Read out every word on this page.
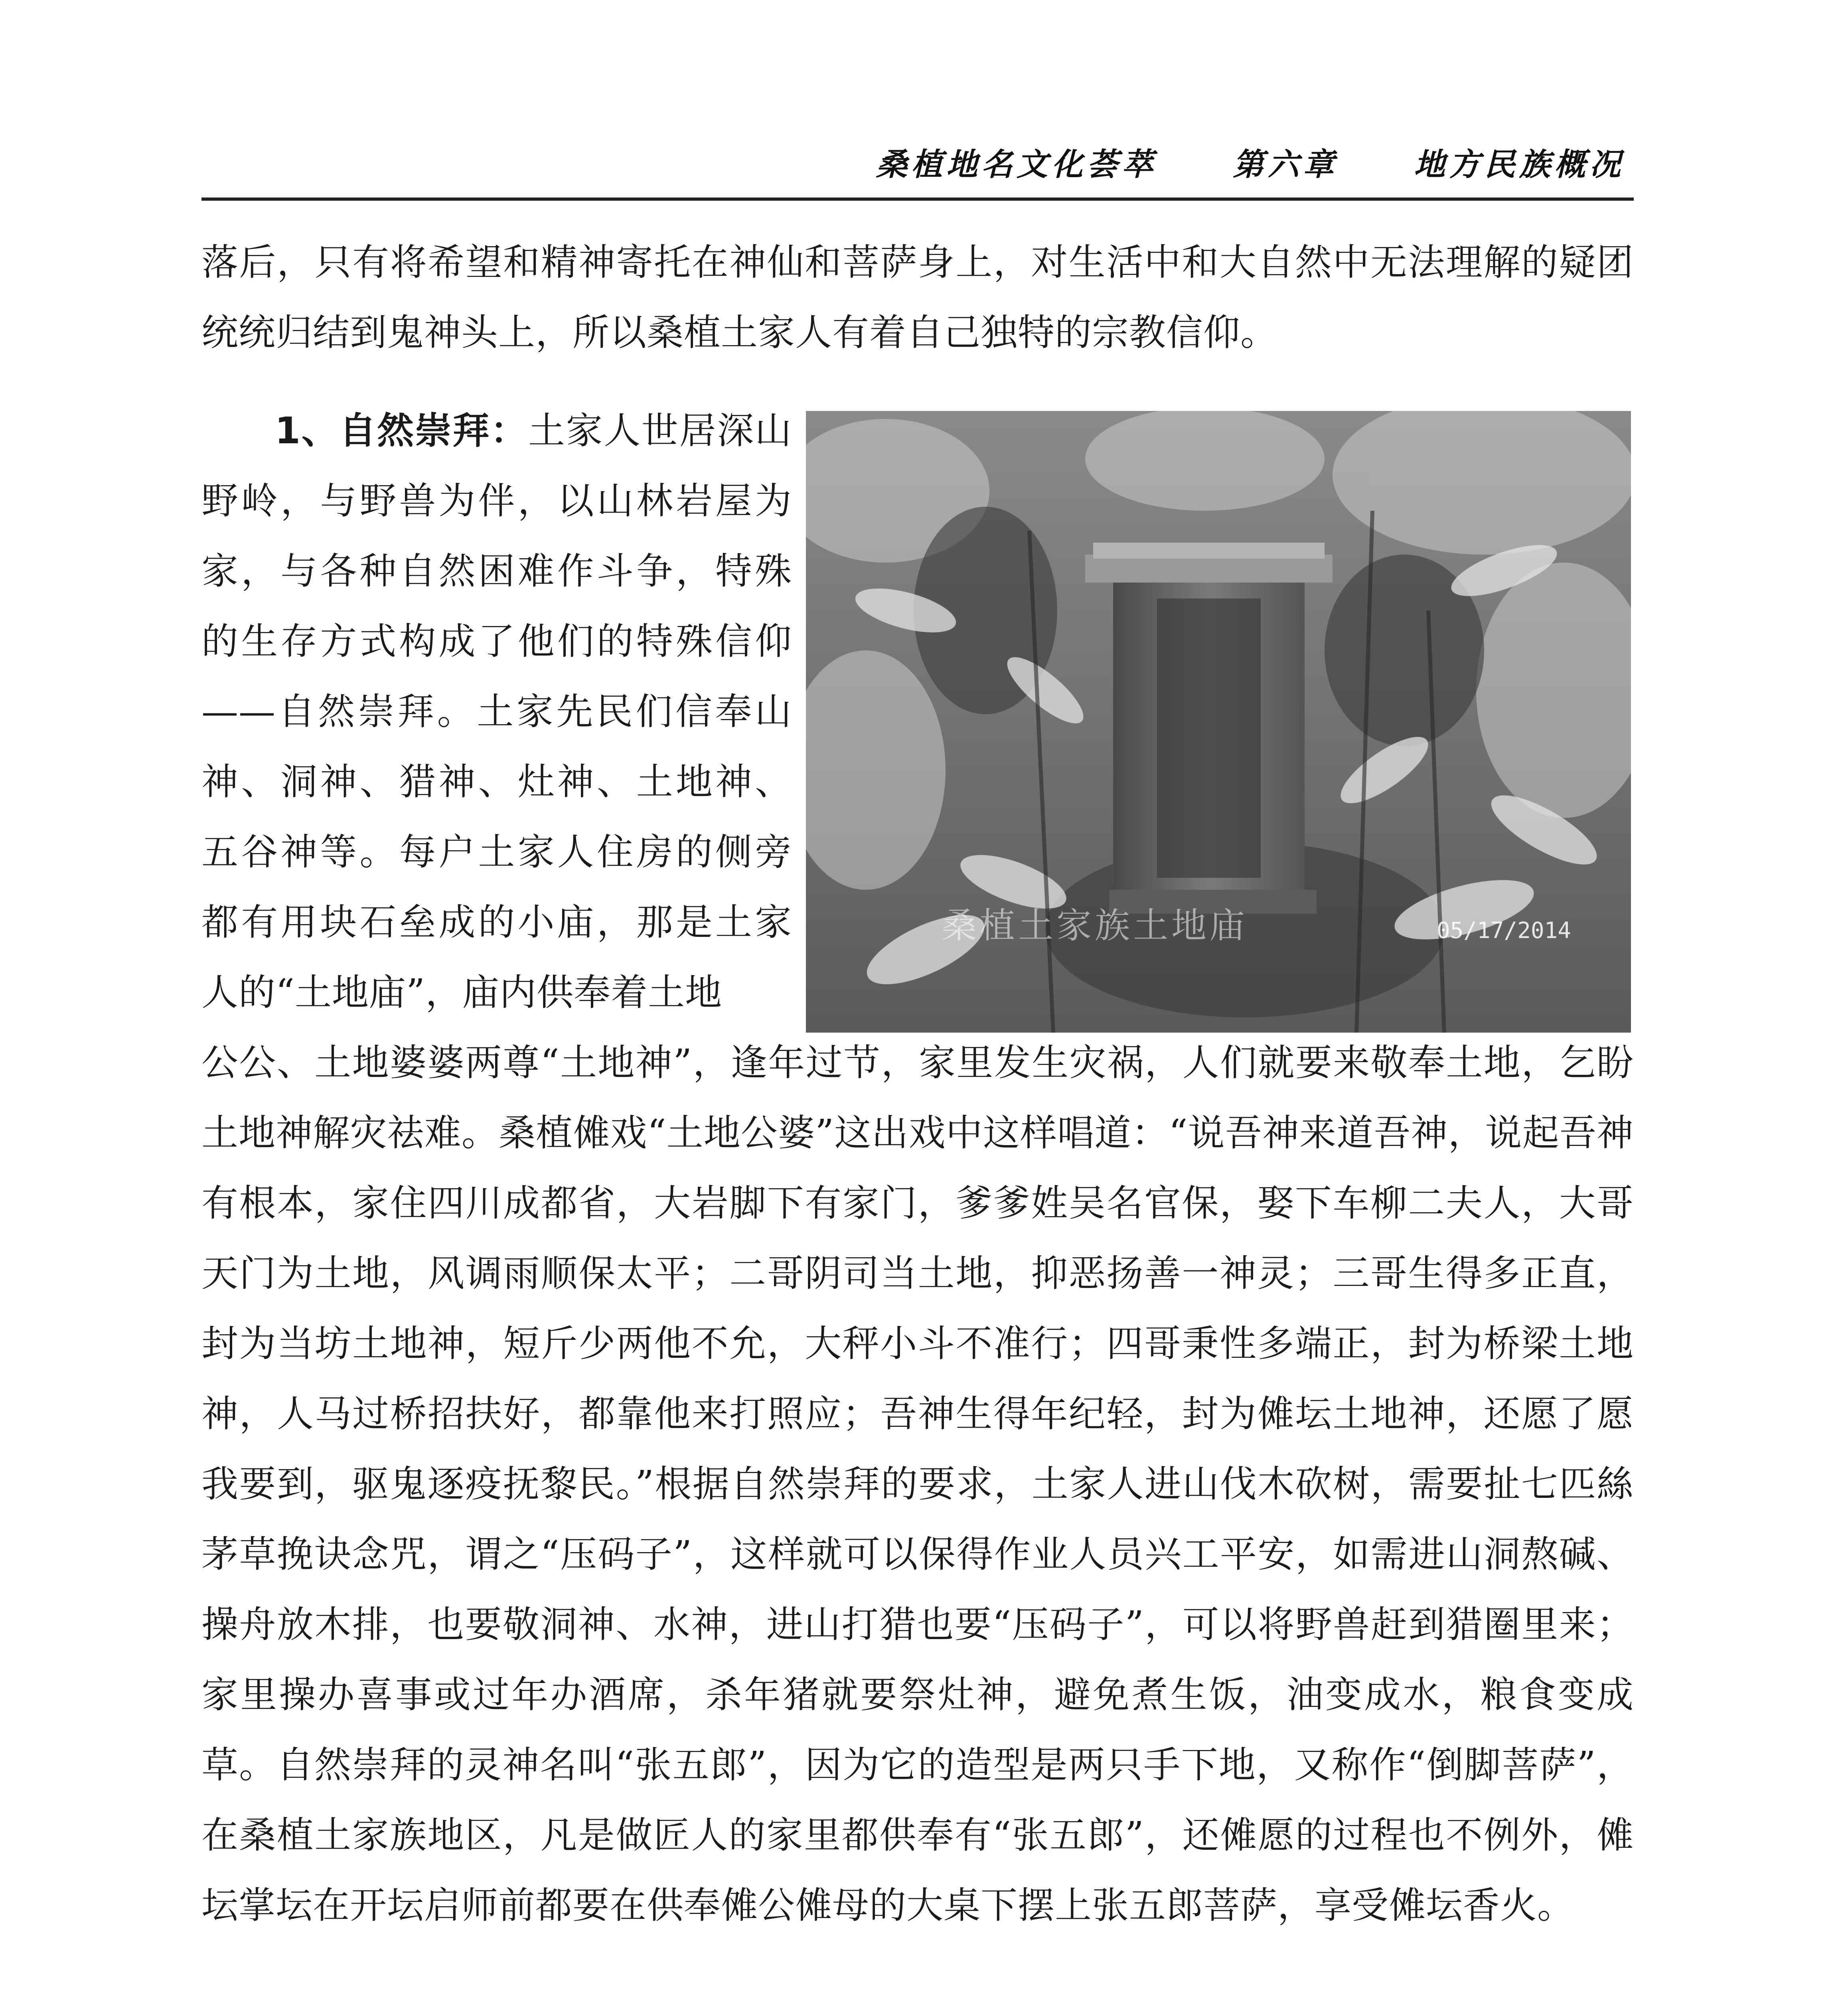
桑植地名文化荟萃 第六章 地方民族概况

落后，只有将希望和精神寄托在神仙和菩萨身上，对生活中和大自然中无法理解的疑团统统归结到鬼神头上，所以桑植土家人有着自己独特的宗教信仰。

1、自然崇拜：土家人世居深山野岭，与野兽为伴，以山林岩屋为家，与各种自然困难作斗争，特殊的生存方式构成了他们的特殊信仰——自然崇拜。土家先民们信奉山神、洞神、猎神、灶神、土地神、五谷神等。每户土家人住房的侧旁都有用块石垒成的小庙，那是土家人的“土地庙”，庙内供奉着土地

桑植土家族土地庙	05/17/2014

公公、土地婆婆两尊“土地神”，逢年过节，家里发生灾祸，人们就要来敬奉土地，乞盼土地神解灾祛难。桑植傩戏“土地公婆”这出戏中这样唱道：“说吾神来道吾神，说起吾神有根本，家住四川成都省，大岩脚下有家门，爹爹姓吴名官保，娶下车柳二夫人，大哥天门为土地，风调雨顺保太平；二哥阴司当土地，抑恶扬善一神灵；三哥生得多正直，封为当坊土地神，短斤少两他不允，大秤小斗不准行；四哥秉性多端正，封为桥梁土地神，人马过桥招扶好，都靠他来打照应；吾神生得年纪轻，封为傩坛土地神，还愿了愿我要到，驱鬼逐疫抚黎民。”根据自然崇拜的要求，土家人进山伐木砍树，需要扯七匹絲茅草挽诀念咒，谓之“压码子”，这样就可以保得作业人员兴工平安，如需进山洞熬碱、操舟放木排，也要敬洞神、水神，进山打猎也要“压码子”，可以将野兽赶到猎圈里来；家里操办喜事或过年办酒席，杀年猪就要祭灶神，避免煮生饭，油变成水，粮食变成草。自然崇拜的灵神名叫“张五郎”，因为它的造型是两只手下地，又称作“倒脚菩萨”，在桑植土家族地区，凡是做匠人的家里都供奉有“张五郎”，还傩愿的过程也不例外，傩坛掌坛在开坛启师前都要在供奉傩公傩母的大桌下摆上张五郎菩萨，享受傩坛香火。
